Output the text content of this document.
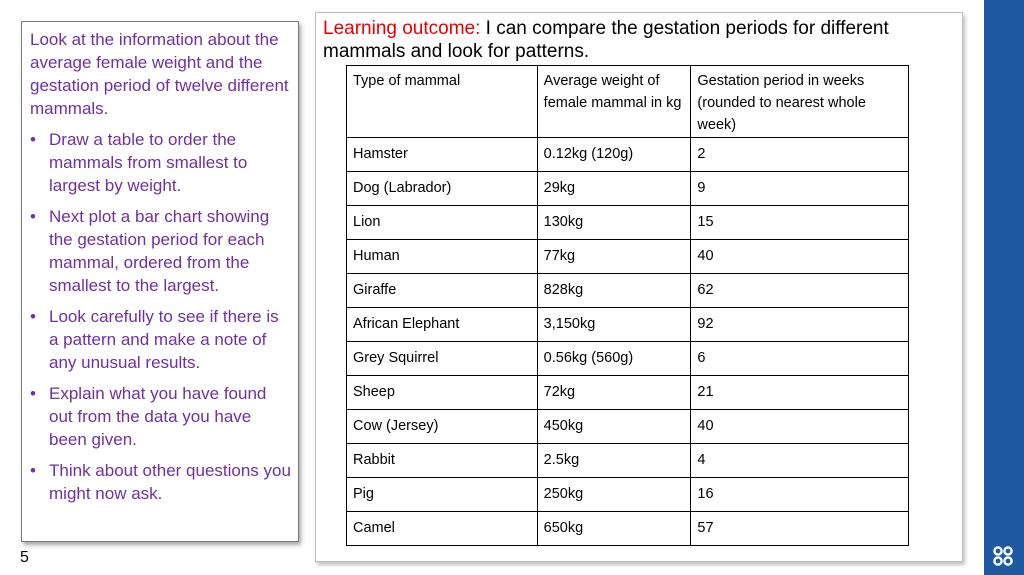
Look at the information about the average female weight and the gestation period of twelve different mammals.

• Draw a table to order the mammals from smallest to largest by weight.
• Next plot a bar chart showing the gestation period for each mammal, ordered from the smallest to the largest.
• Look carefully to see if there is a pattern and make a note of any unusual results.
• Explain what you have found out from the data you have been given.
• Think about other questions you might now ask.
5
Learning outcome: I can compare the gestation periods for different mammals and look for patterns.
Type of mammal	Average weight of female mammal in kg	Gestation period in weeks (rounded to nearest whole week)
Hamster	0.12kg (120g)	2
Dog (Labrador)	29kg	9
Lion	130kg	15
Human	77kg	40
Giraffe	828kg	62
African Elephant	3,150kg	92
Grey Squirrel	0.56kg (560g)	6
Sheep	72kg	21
Cow (Jersey)	450kg	40
Rabbit	2.5kg	4
Pig	250kg	16
Camel	650kg	57
